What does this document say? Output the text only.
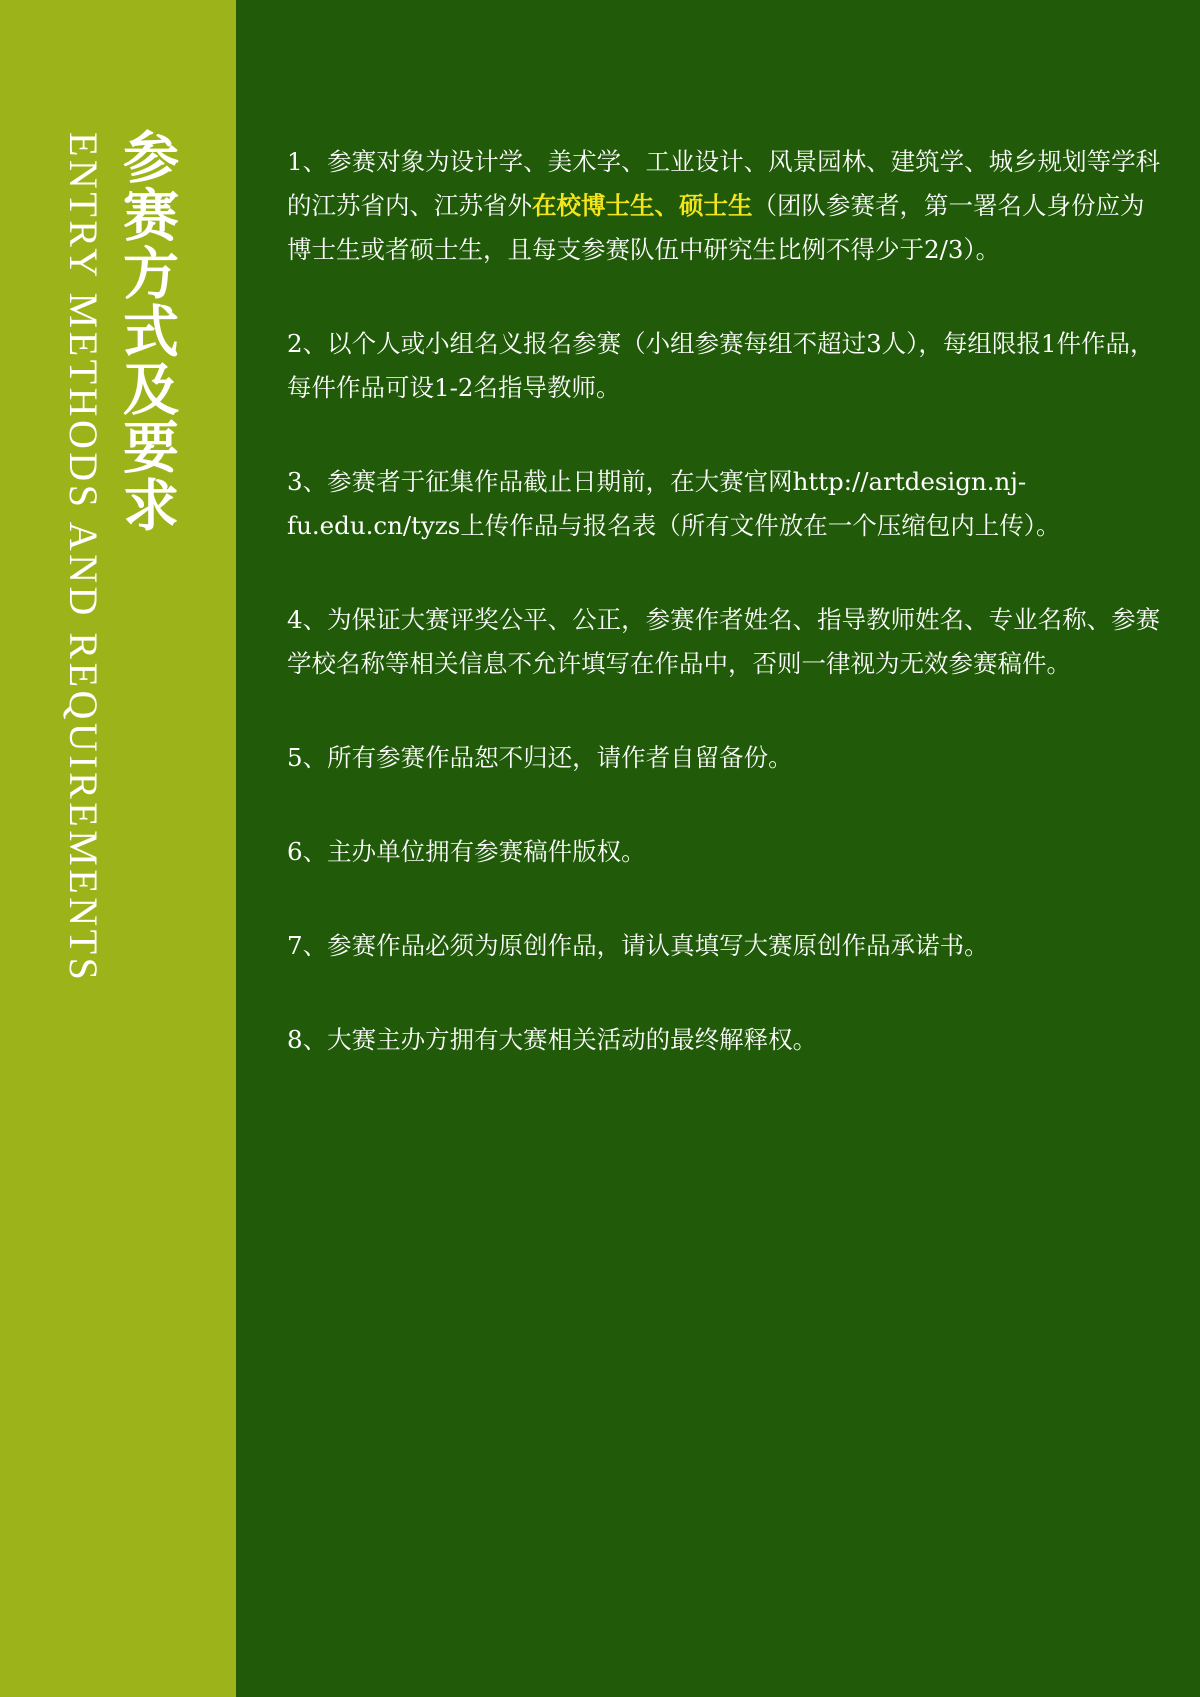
参赛方式及要求
ENTRY METHODS AND REQUIREMENTS	1、参赛对象为设计学、美术学、工业设计、风景园林、建筑学、城乡规划等学科的江苏省内、江苏省外在校博士生、硕士生（团队参赛者，第一署名人身份应为博士生或者硕士生，且每支参赛队伍中研究生比例不得少于2/3）。

2、以个人或小组名义报名参赛（小组参赛每组不超过3人），每组限报1件作品，每件作品可设1-2名指导教师。

3、参赛者于征集作品截止日期前，在大赛官网http://artdesign.nj-fu.edu.cn/tyzs上传作品与报名表（所有文件放在一个压缩包内上传）。

4、为保证大赛评奖公平、公正，参赛作者姓名、指导教师姓名、专业名称、参赛学校名称等相关信息不允许填写在作品中，否则一律视为无效参赛稿件。

5、所有参赛作品恕不归还，请作者自留备份。

6、主办单位拥有参赛稿件版权。

7、参赛作品必须为原创作品，请认真填写大赛原创作品承诺书。

8、大赛主办方拥有大赛相关活动的最终解释权。
